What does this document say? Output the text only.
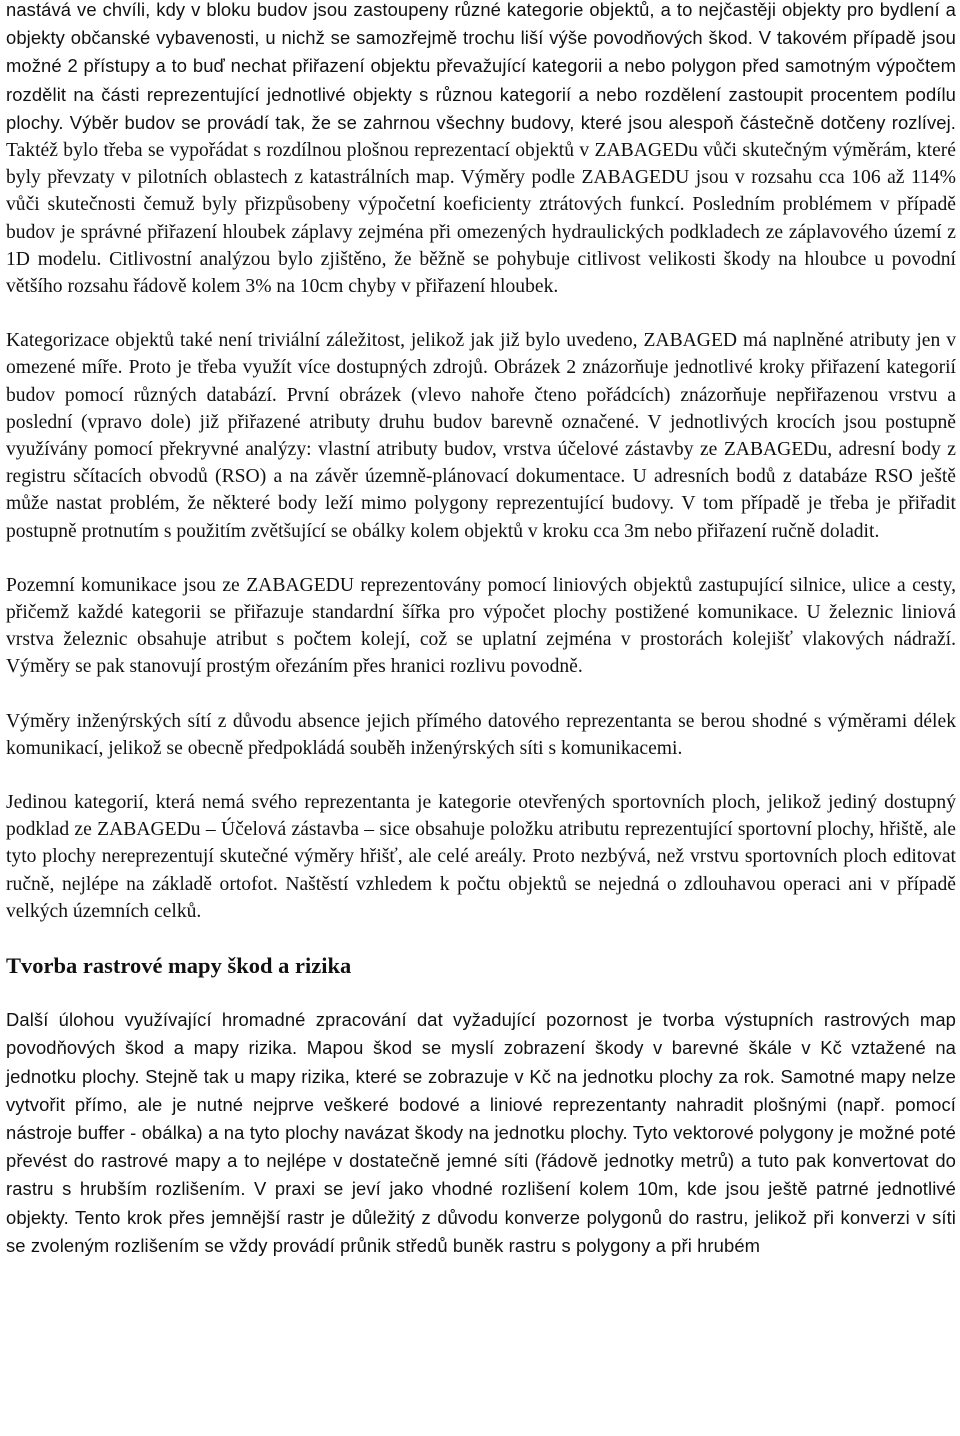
nastává ve chvíli, kdy v bloku budov jsou zastoupeny různé kategorie objektů, a to nejčastěji objekty pro bydlení a objekty občanské vybavenosti, u nichž se samozřejmě trochu liší výše povodňových škod. V takovém případě jsou možné 2 přístupy a to buď nechat přiřazení objektu převažující kategorii a nebo polygon před samotným výpočtem rozdělit na části reprezentující jednotlivé objekty s různou kategorií a nebo rozdělení zastoupit procentem podílu plochy. Výběr budov se provádí tak, že se zahrnou všechny budovy, které jsou alespoň částečně dotčeny rozlívej. Taktéž bylo třeba se vypořádat s rozdílnou plošnou reprezentací objektů v ZABAGEDu vůči skutečným výměrám, které byly převzaty v pilotních oblastech z katastrálních map. Výměry podle ZABAGEDU jsou v rozsahu cca 106 až 114% vůči skutečnosti čemuž byly přizpůsobeny výpočetní koeficienty ztrátových funkcí. Posledním problémem v případě budov je správné přiřazení hloubek záplavy zejména při omezených hydraulických podkladech ze záplavového území z 1D modelu. Citlivostní analýzou bylo zjištěno, že běžně se pohybuje citlivost velikosti škody na hloubce u povodní většího rozsahu řádově kolem 3% na 10cm chyby v přiřazení hloubek.

Kategorizace objektů také není triviální záležitost, jelikož jak již bylo uvedeno, ZABAGED má naplněné atributy jen v omezené míře. Proto je třeba využít více dostupných zdrojů. Obrázek 2 znázorňuje jednotlivé kroky přiřazení kategorií budov pomocí různých databází. První obrázek (vlevo nahoře čteno pořádcích) znázorňuje nepřiřazenou vrstvu a poslední (vpravo dole) již přiřazené atributy druhu budov barevně označené. V jednotlivých krocích jsou postupně využívány pomocí překryvné analýzy: vlastní atributy budov, vrstva účelové zástavby ze ZABAGEDu, adresní body z registru sčítacích obvodů (RSO) a na závěr územně-plánovací dokumentace. U adresních bodů z databáze RSO ještě může nastat problém, že některé body leží mimo polygony reprezentující budovy. V tom případě je třeba je přiřadit postupně protnutím s použitím zvětšující se obálky kolem objektů v kroku cca 3m nebo přiřazení ručně doladit.

Pozemní komunikace jsou ze ZABAGEDU reprezentovány pomocí liniových objektů zastupující silnice, ulice a cesty, přičemž každé kategorii se přiřazuje standardní šířka pro výpočet plochy postižené komunikace. U železnic liniová vrstva železnic obsahuje atribut s počtem kolejí, což se uplatní zejména v prostorách kolejišť vlakových nádraží. Výměry se pak stanovují prostým ořezáním přes hranici rozlivu povodně.

Výměry inženýrských sítí z důvodu absence jejich přímého datového reprezentanta se berou shodné s výměrami délek komunikací, jelikož se obecně předpokládá souběh inženýrských síti s komunikacemi.

Jedinou kategorií, která nemá svého reprezentanta je kategorie otevřených sportovních ploch, jelikož jediný dostupný podklad ze ZABAGEDu – Účelová zástavba – sice obsahuje položku atributu reprezentující sportovní plochy, hřiště, ale tyto plochy nereprezentují skutečné výměry hřišť, ale celé areály. Proto nezbývá, než vrstvu sportovních ploch editovat ručně, nejlépe na základě ortofot. Naštěstí vzhledem k počtu objektů se nejedná o zdlouhavou operaci ani v případě velkých územních celků.

Tvorba rastrové mapy škod a rizika

Další úlohou využívající hromadné zpracování dat vyžadující pozornost je tvorba výstupních rastrových map povodňových škod a mapy rizika. Mapou škod se myslí zobrazení škody v barevné škále v Kč vztažené na jednotku plochy. Stejně tak u mapy rizika, které se zobrazuje v Kč na jednotku plochy za rok. Samotné mapy nelze vytvořit přímo, ale je nutné nejprve veškeré bodové a liniové reprezentanty nahradit plošnými (např. pomocí nástroje buffer - obálka) a na tyto plochy navázat škody na jednotku plochy. Tyto vektorové polygony je možné poté převést do rastrové mapy a to nejlépe v dostatečně jemné síti (řádově jednotky metrů) a tuto pak konvertovat do rastru s hrubším rozlišením. V praxi se jeví jako vhodné rozlišení kolem 10m, kde jsou ještě patrné jednotlivé objekty. Tento krok přes jemnější rastr je důležitý z důvodu konverze polygonů do rastru, jelikož při konverzi v síti se zvoleným rozlišením se vždy provádí průnik středů buněk rastru s polygony a při hrubém
